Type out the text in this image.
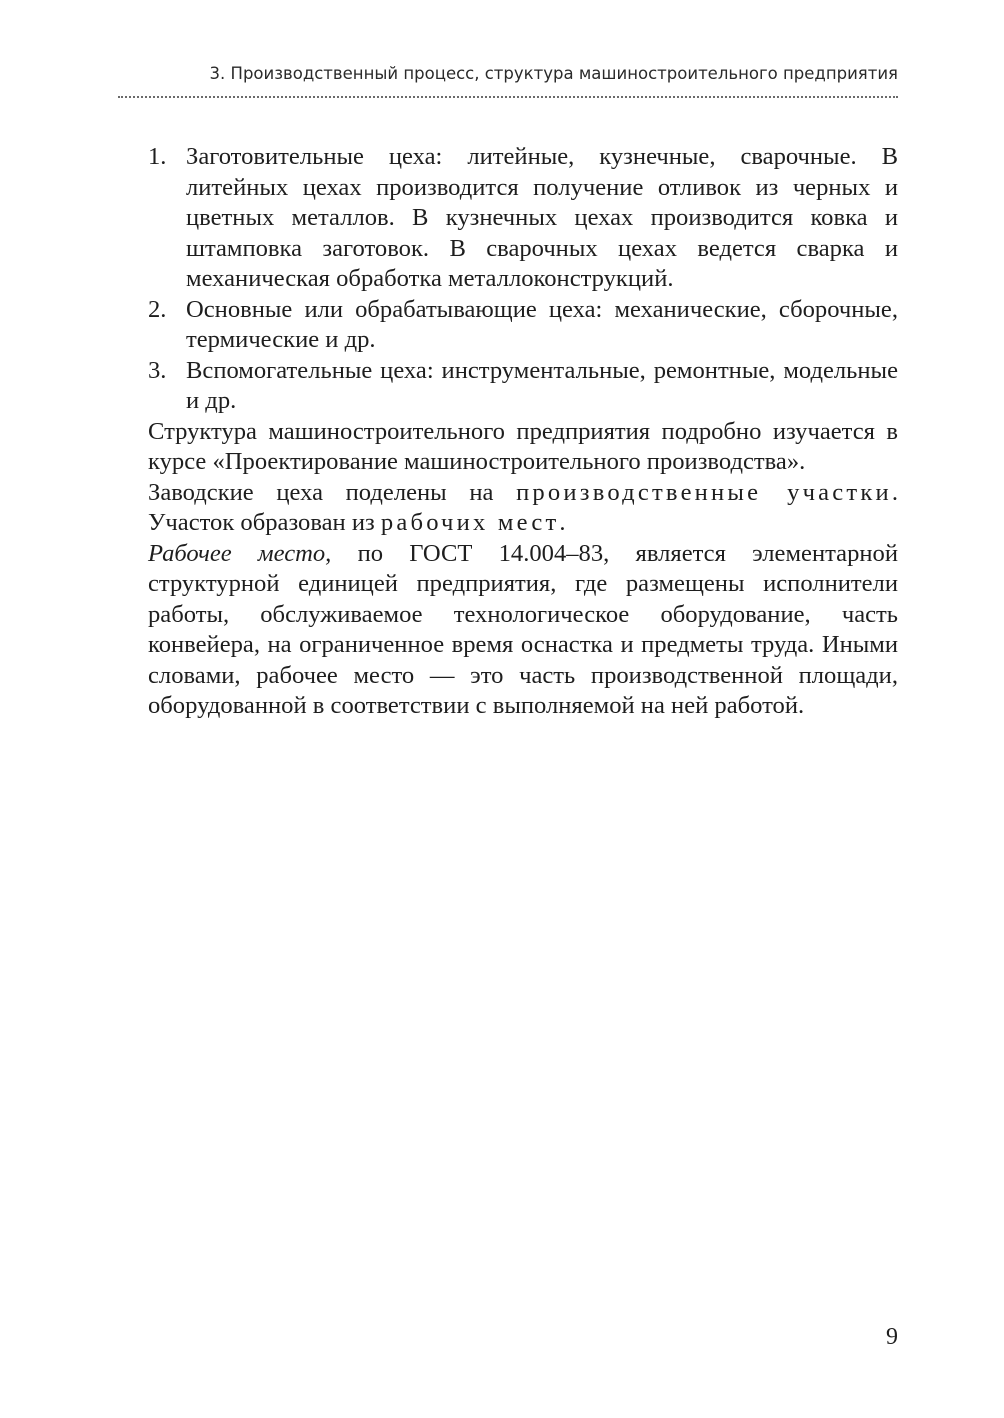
3. Производственный процесс, структура машиностроительного предприятия
1. Заготовительные цеха: литейные, кузнечные, сварочные. В литейных цехах производится получение отливок из черных и цветных металлов. В кузнечных цехах производится ковка и штамповка заготовок. В сварочных цехах ведется сварка и механическая обработка металлоконструкций.
2. Основные или обрабатывающие цеха: механические, сборочные, термические и др.
3. Вспомогательные цеха: инструментальные, ремонтные, модельные и др.

Структура машиностроительного предприятия подробно изучается в курсе «Проектирование машиностроительного производства».

Заводские цеха поделены на производственные участки. Участок образован из рабочих мест.

Рабочее место, по ГОСТ 14.004–83, является элементарной структурной единицей предприятия, где размещены исполнители работы, обслуживаемое технологическое оборудование, часть конвейера, на ограниченное время оснастка и предметы труда. Иными словами, рабочее место — это часть производственной площади, оборудованной в соответствии с выполняемой на ней работой.

9
